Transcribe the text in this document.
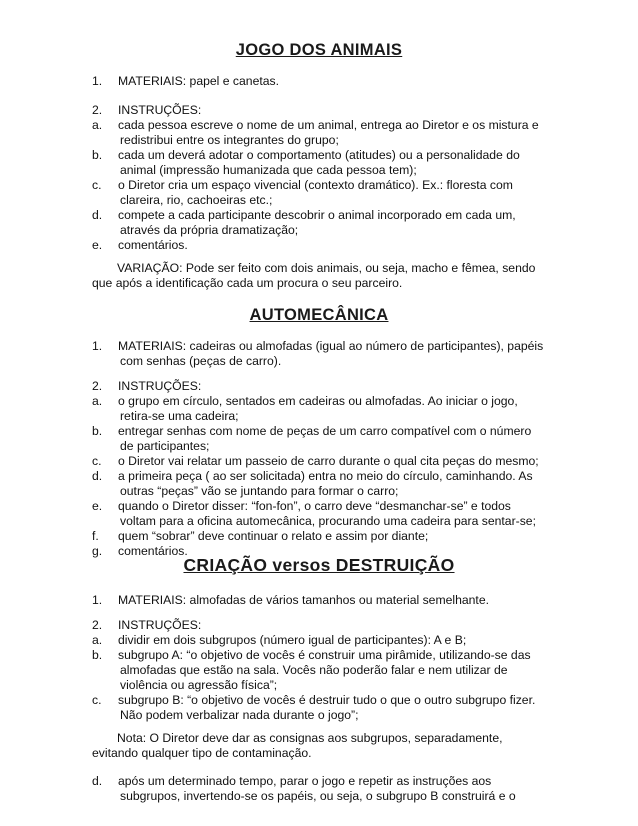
JOGO DOS ANIMAIS
1. MATERIAIS: papel e canetas.
2. INSTRUÇÕES:
a. cada pessoa escreve o nome de um animal, entrega ao Diretor e os mistura e
redistribui entre os integrantes do grupo;
b. cada um deverá adotar o comportamento (atitudes) ou a personalidade do
animal (impressão humanizada que cada pessoa tem);
c. o Diretor cria um espaço vivencial (contexto dramático). Ex.: floresta com
clareira, rio, cachoeiras etc.;
d. compete a cada participante descobrir o animal incorporado em cada um,
através da própria dramatização;
e. comentários.
VARIAÇÃO: Pode ser feito com dois animais, ou seja, macho e fêmea, sendo
que após a identificação cada um procura o seu parceiro.
AUTOMECÂNICA
1. MATERIAIS: cadeiras ou almofadas (igual ao número de participantes), papéis
com senhas (peças de carro).
2. INSTRUÇÕES:
a. o grupo em círculo, sentados em cadeiras ou almofadas. Ao iniciar o jogo,
retira-se uma cadeira;
b. entregar senhas com nome de peças de um carro compatível com o número
de participantes;
c. o Diretor vai relatar um passeio de carro durante o qual cita peças do mesmo;
d. a primeira peça ( ao ser solicitada) entra no meio do círculo, caminhando. As
outras “peças” vão se juntando para formar o carro;
e. quando o Diretor disser: “fon-fon”, o carro deve “desmanchar-se” e todos
voltam para a oficina automecânica, procurando uma cadeira para sentar-se;
f. quem “sobrar” deve continuar o relato e assim por diante;
g. comentários.
CRIAÇÃO versos DESTRUIÇÃO
1. MATERIAIS: almofadas de vários tamanhos ou material semelhante.
2. INSTRUÇÕES:
a. dividir em dois subgrupos (número igual de participantes): A e B;
b. subgrupo A: “o objetivo de vocês é construir uma pirâmide, utilizando-se das
almofadas que estão na sala. Vocês não poderão falar e nem utilizar de
violência ou agressão física”;
c. subgrupo B: “o objetivo de vocês é destruir tudo o que o outro subgrupo fizer.
Não podem verbalizar nada durante o jogo”;
Nota: O Diretor deve dar as consignas aos subgrupos, separadamente,
evitando qualquer tipo de contaminação.
d. após um determinado tempo, parar o jogo e repetir as instruções aos
subgrupos, invertendo-se os papéis, ou seja, o subgrupo B construirá e o
